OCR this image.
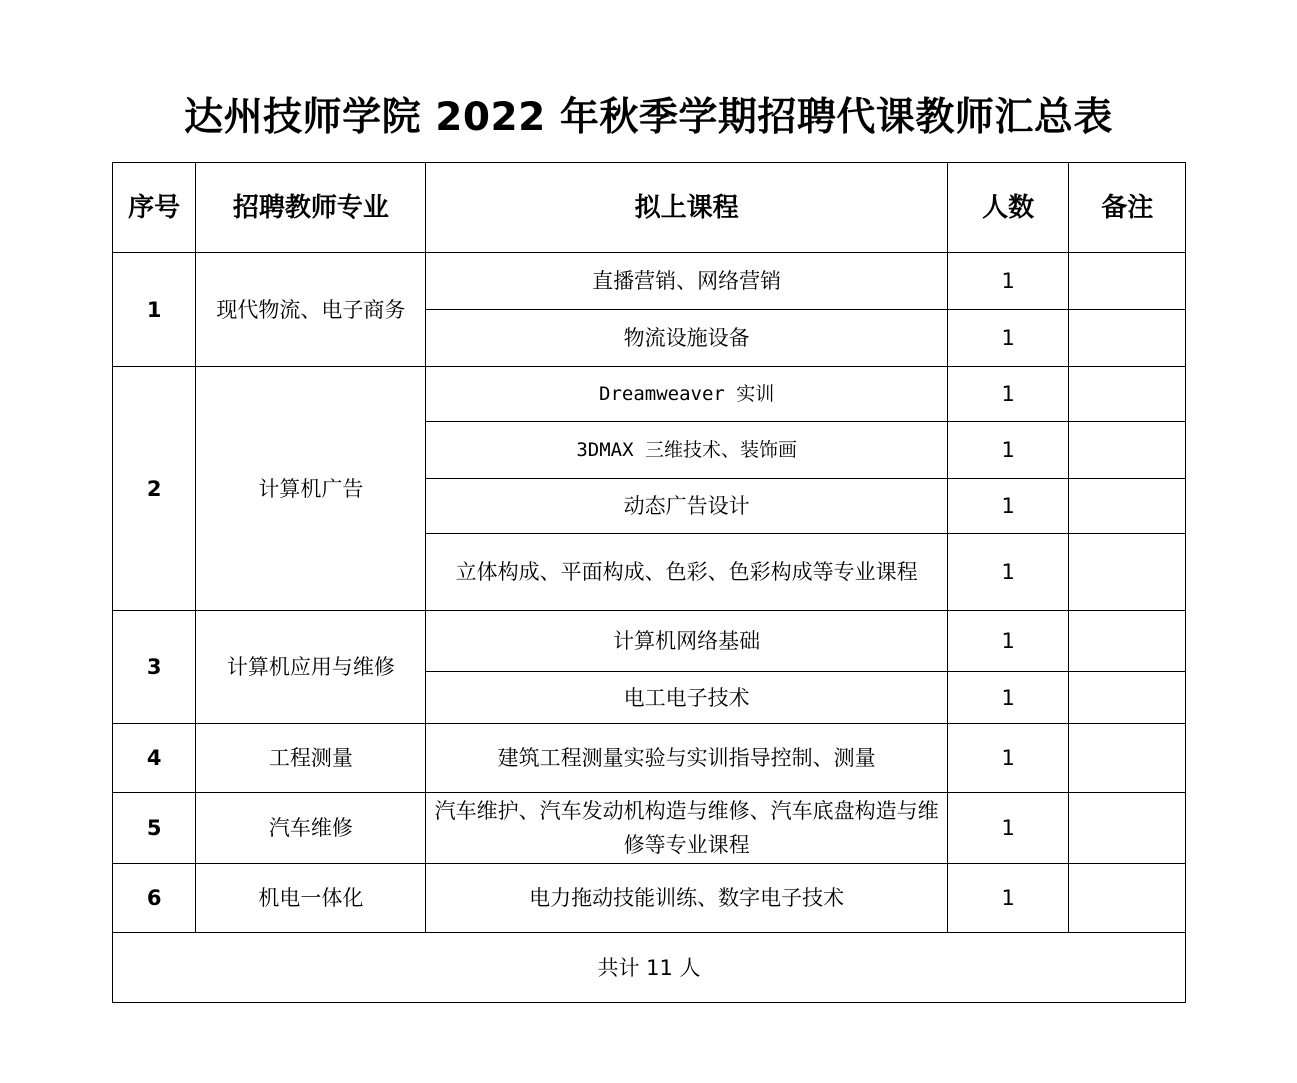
达州技师学院 2022 年秋季学期招聘代课教师汇总表
序号	招聘教师专业	拟上课程	人数	备注
1	现代物流、电子商务	直播营销、网络营销	1	
		物流设施设备	1	
2	计算机广告	Dreamweaver 实训	1	
		3DMAX 三维技术、装饰画	1	
		动态广告设计	1	
		立体构成、平面构成、色彩、色彩构成等专业课程	1	
3	计算机应用与维修	计算机网络基础	1	
		电工电子技术	1	
4	工程测量	建筑工程测量实验与实训指导控制、测量	1	
5	汽车维修	汽车维护、汽车发动机构造与维修、汽车底盘构造与维修等专业课程	1	
6	机电一体化	电力拖动技能训练、数字电子技术	1	
共计 11 人				
